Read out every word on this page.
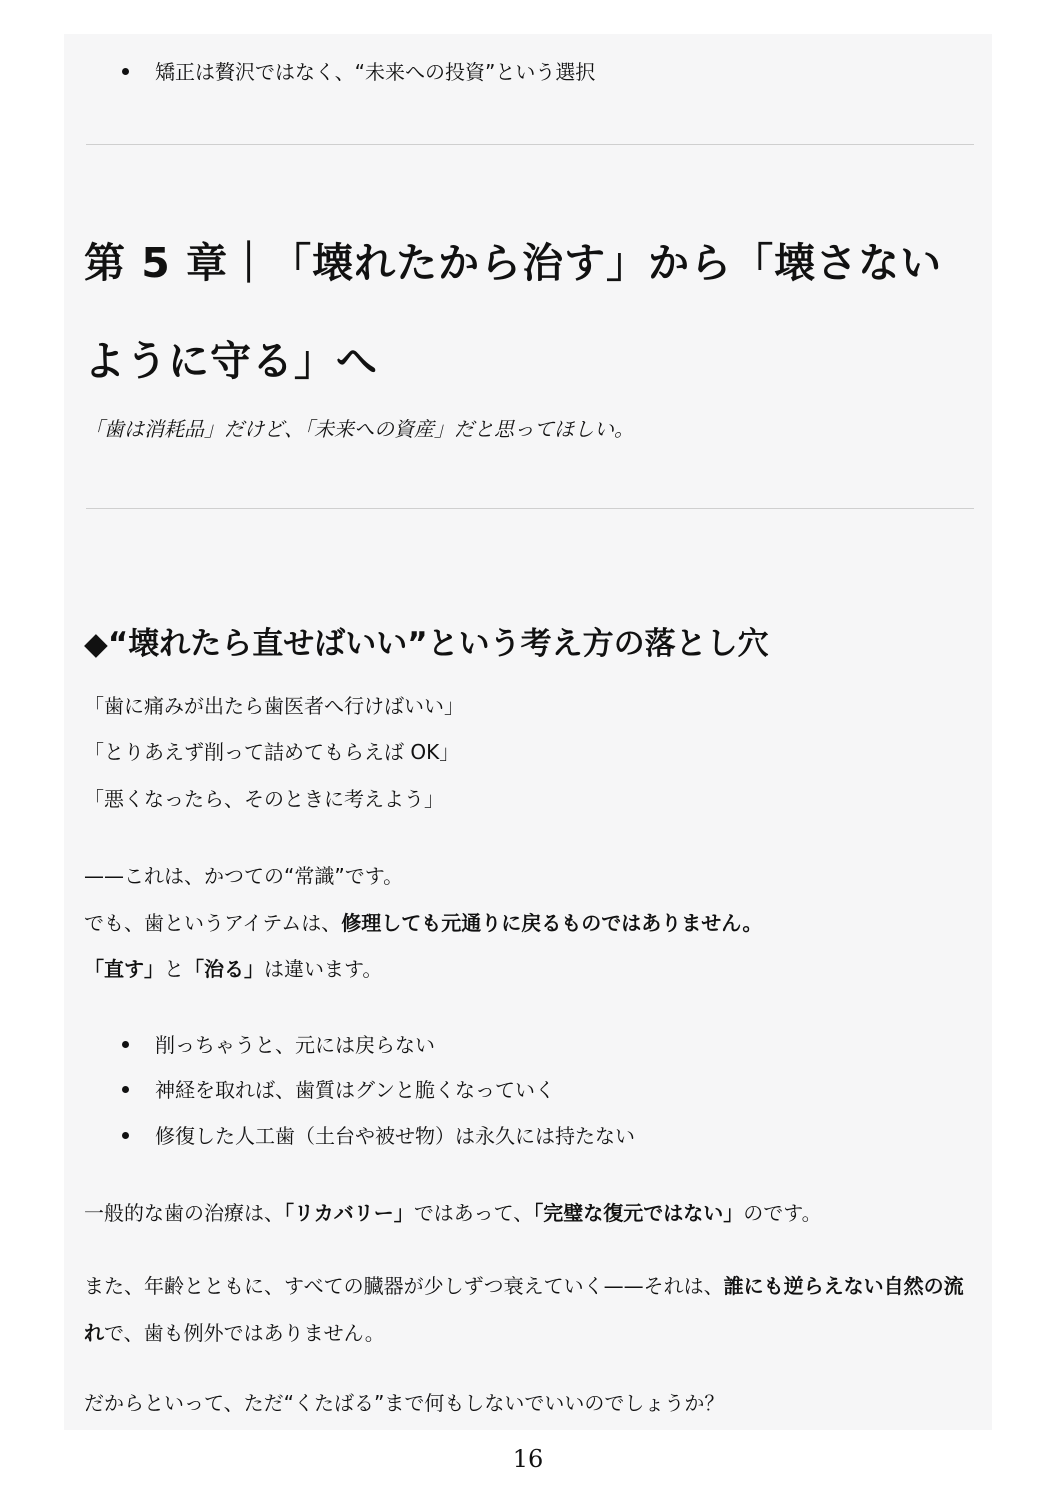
矯正は贅沢ではなく、“未来への投資”という選択
第 5 章｜「壊れたから治す」から「壊さないように守る」へ
「歯は消耗品」だけど、「未来への資産」だと思ってほしい。
◆“壊れたら直せばいい”という考え方の落とし穴
「歯に痛みが出たら歯医者へ行けばいい」
「とりあえず削って詰めてもらえば OK」
「悪くなったら、そのときに考えよう」
——これは、かつての“常識”です。
でも、歯というアイテムは、修理しても元通りに戻るものではありません。
「直す」と「治る」は違います。
削っちゃうと、元には戻らない
神経を取れば、歯質はグンと脆くなっていく
修復した人工歯（土台や被せ物）は永久には持たない
一般的な歯の治療は、「リカバリー」ではあって、「完璧な復元ではない」のです。
また、年齢とともに、すべての臓器が少しずつ衰えていく——それは、誰にも逆らえない自然の流れで、歯も例外ではありません。
だからといって、ただ“くたばる”まで何もしないでいいのでしょうか？
16
